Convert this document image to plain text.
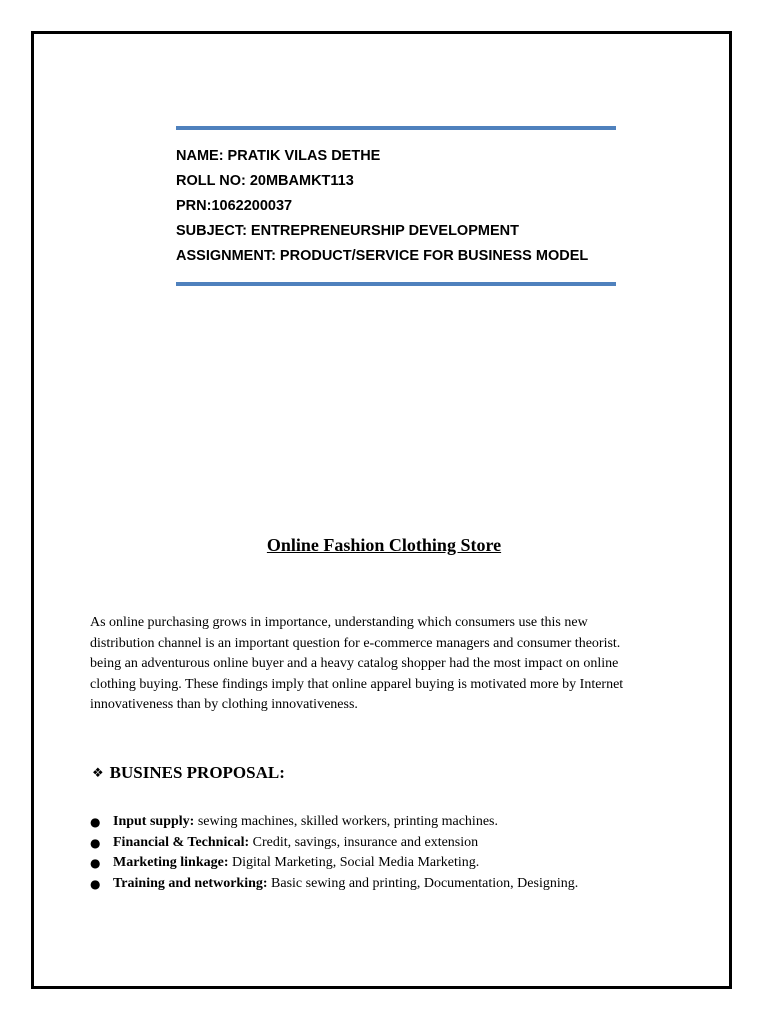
NAME: PRATIK VILAS DETHE
ROLL NO: 20MBAMKT113
PRN:1062200037
SUBJECT: ENTREPRENEURSHIP DEVELOPMENT
ASSIGNMENT: PRODUCT/SERVICE FOR BUSINESS MODEL
Online Fashion Clothing Store
As online purchasing grows in importance, understanding which consumers use this new
distribution channel is an important question for e-commerce managers and consumer theorist.
being an adventurous online buyer and a heavy catalog shopper had the most impact on online
clothing buying. These findings imply that online apparel buying is motivated more by Internet
innovativeness than by clothing innovativeness.
❖ BUSINES PROPOSAL:
● Input supply: sewing machines, skilled workers, printing machines.
● Financial & Technical: Credit, savings, insurance and extension
● Marketing linkage: Digital Marketing, Social Media Marketing.
● Training and networking: Basic sewing and printing, Documentation, Designing.
